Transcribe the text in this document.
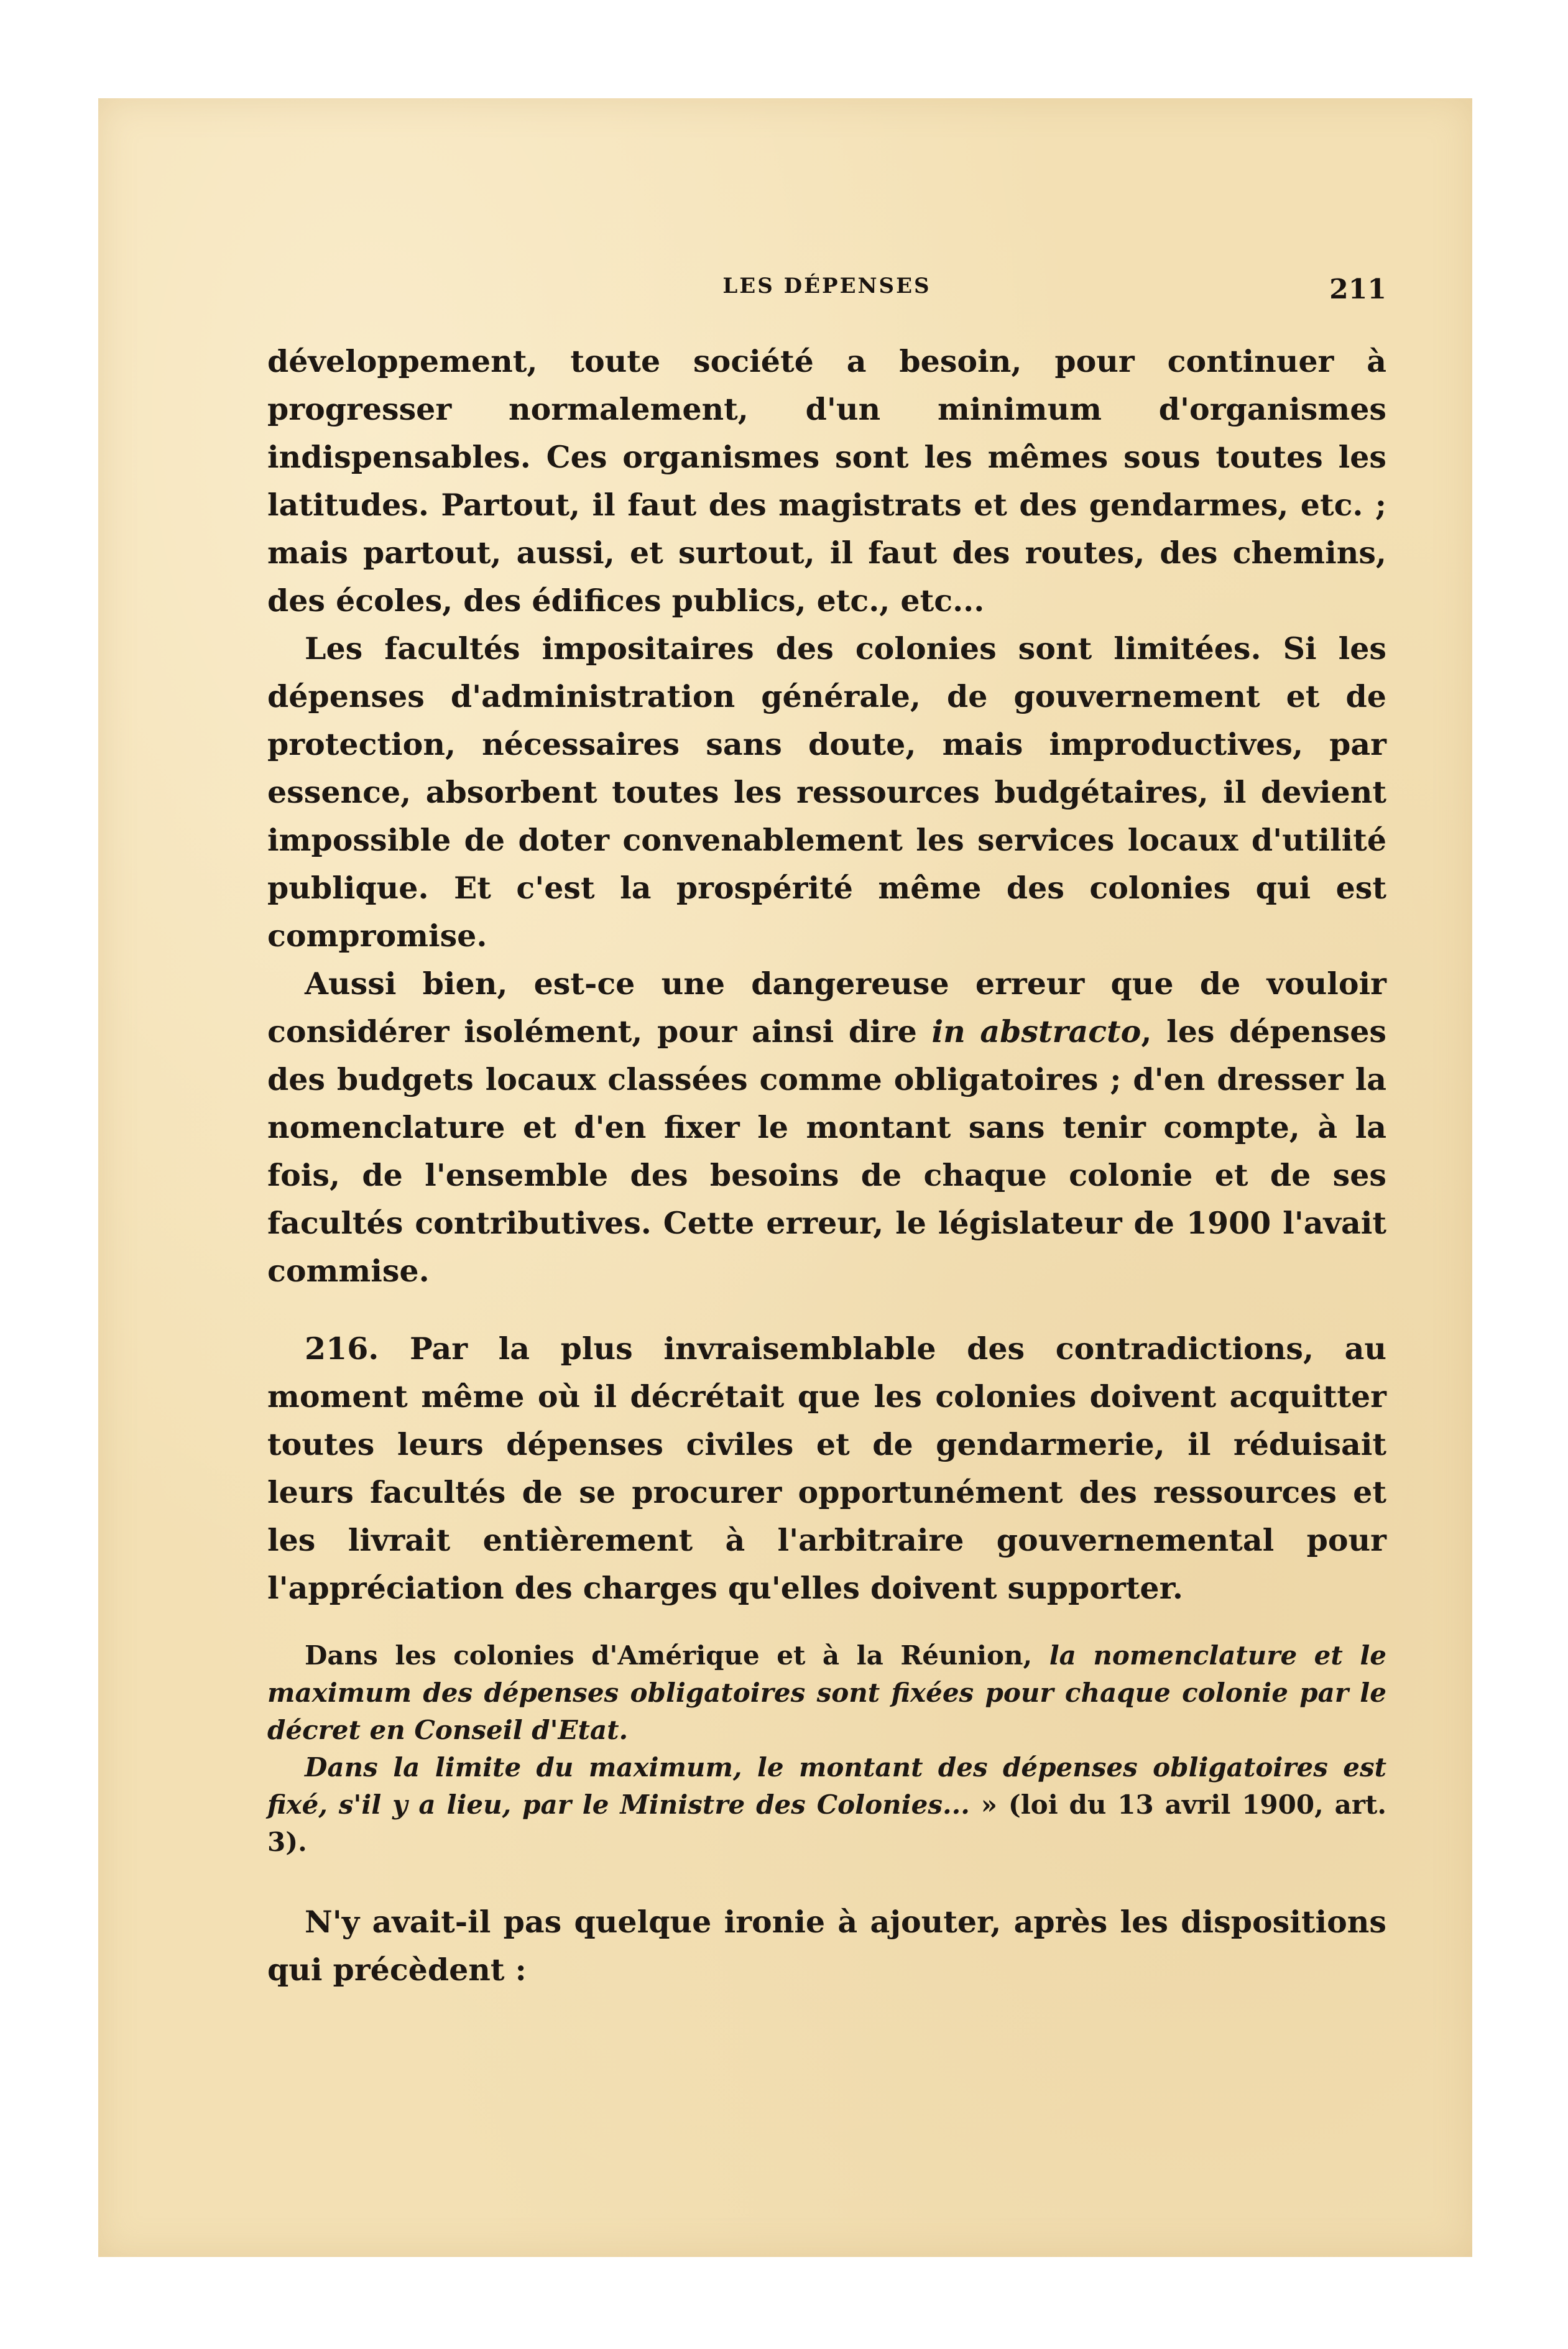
LES DÉPENSES	211

développement, toute société a besoin, pour continuer à progresser normalement, d'un minimum d'organismes indispensables. Ces organismes sont les mêmes sous toutes les latitudes. Partout, il faut des magistrats et des gendarmes, etc. ; mais partout, aussi, et surtout, il faut des routes, des chemins, des écoles, des édifices publics, etc., etc...

Les facultés impositaires des colonies sont limitées. Si les dépenses d'administration générale, de gouvernement et de protection, nécessaires sans doute, mais improductives, par essence, absorbent toutes les ressources budgétaires, il devient impossible de doter convenablement les services locaux d'utilité publique. Et c'est la prospérité même des colonies qui est compromise.

Aussi bien, est-ce une dangereuse erreur que de vouloir considérer isolément, pour ainsi dire in abstracto, les dépenses des budgets locaux classées comme obligatoires ; d'en dresser la nomenclature et d'en fixer le montant sans tenir compte, à la fois, de l'ensemble des besoins de chaque colonie et de ses facultés contributives. Cette erreur, le législateur de 1900 l'avait commise.

216. Par la plus invraisemblable des contradictions, au moment même où il décrétait que les colonies doivent acquitter toutes leurs dépenses civiles et de gendarmerie, il réduisait leurs facultés de se procurer opportunément des ressources et les livrait entièrement à l'arbitraire gouvernemental pour l'appréciation des charges qu'elles doivent supporter.

Dans les colonies d'Amérique et à la Réunion, la nomenclature et le maximum des dépenses obligatoires sont fixées pour chaque colonie par le décret en Conseil d'Etat.

Dans la limite du maximum, le montant des dépenses obligatoires est fixé, s'il y a lieu, par le Ministre des Colonies... » (loi du 13 avril 1900, art. 3).

N'y avait-il pas quelque ironie à ajouter, après les dispositions qui précèdent :
